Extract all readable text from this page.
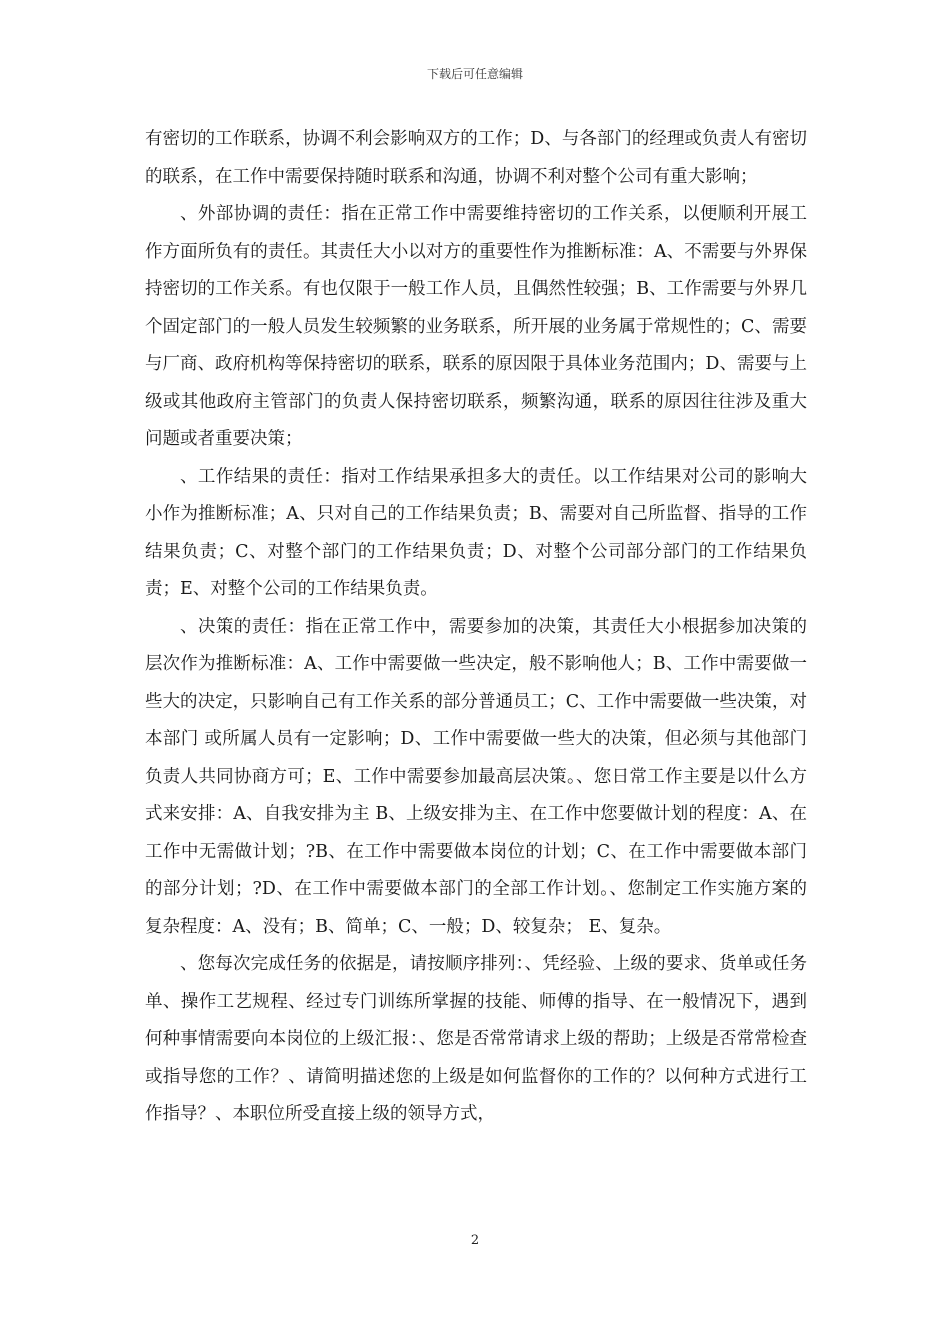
下载后可任意编辑

有密切的工作联系，协调不利会影响双方的工作；D、与各部门的经理或负责人有密切的联系，在工作中需要保持随时联系和沟通，协调不利对整个公司有重大影响；

、外部协调的责任：指在正常工作中需要维持密切的工作关系，以便顺利开展工作方面所负有的责任。其责任大小以对方的重要性作为推断标准：A、不需要与外界保持密切的工作关系。有也仅限于一般工作人员，且偶然性较强；B、工作需要与外界几个固定部门的一般人员发生较频繁的业务联系，所开展的业务属于常规性的；C、需要与厂商、政府机构等保持密切的联系，联系的原因限于具体业务范围内；D、需要与上级或其他政府主管部门的负责人保持密切联系，频繁沟通，联系的原因往往涉及重大问题或者重要决策；

、工作结果的责任：指对工作结果承担多大的责任。以工作结果对公司的影响大小作为推断标准；A、只对自己的工作结果负责；B、需要对自己所监督、指导的工作结果负责；C、对整个部门的工作结果负责；D、对整个公司部分部门的工作结果负责；E、对整个公司的工作结果负责。

、决策的责任：指在正常工作中，需要参加的决策，其责任大小根据参加决策的层次作为推断标准：A、工作中需要做一些决定，般不影响他人；B、工作中需要做一些大的决定，只影响自己有工作关系的部分普通员工；C、工作中需要做一些决策，对本部门 或所属人员有一定影响；D、工作中需要做一些大的决策，但必须与其他部门负责人共同协商方可；E、工作中需要参加最高层决策。、您日常工作主要是以什么方式来安排：A、自我安排为主 B、上级安排为主、在工作中您要做计划的程度：A、在工作中无需做计划；?B、在工作中需要做本岗位的计划；C、在工作中需要做本部门的部分计划；?D、在工作中需要做本部门的全部工作计划。、您制定工作实施方案的复杂程度：A、没有；B、简单；C、一般；D、较复杂； E、复杂。

、您每次完成任务的依据是，请按顺序排列：、凭经验、上级的要求、货单或任务单、操作工艺规程、经过专门训练所掌握的技能、师傅的指导、在一般情况下，遇到何种事情需要向本岗位的上级汇报：、您是否常常请求上级的帮助；上级是否常常检查或指导您的工作？、请简明描述您的上级是如何监督你的工作的？以何种方式进行工作指导？、本职位所受直接上级的领导方式，

2
